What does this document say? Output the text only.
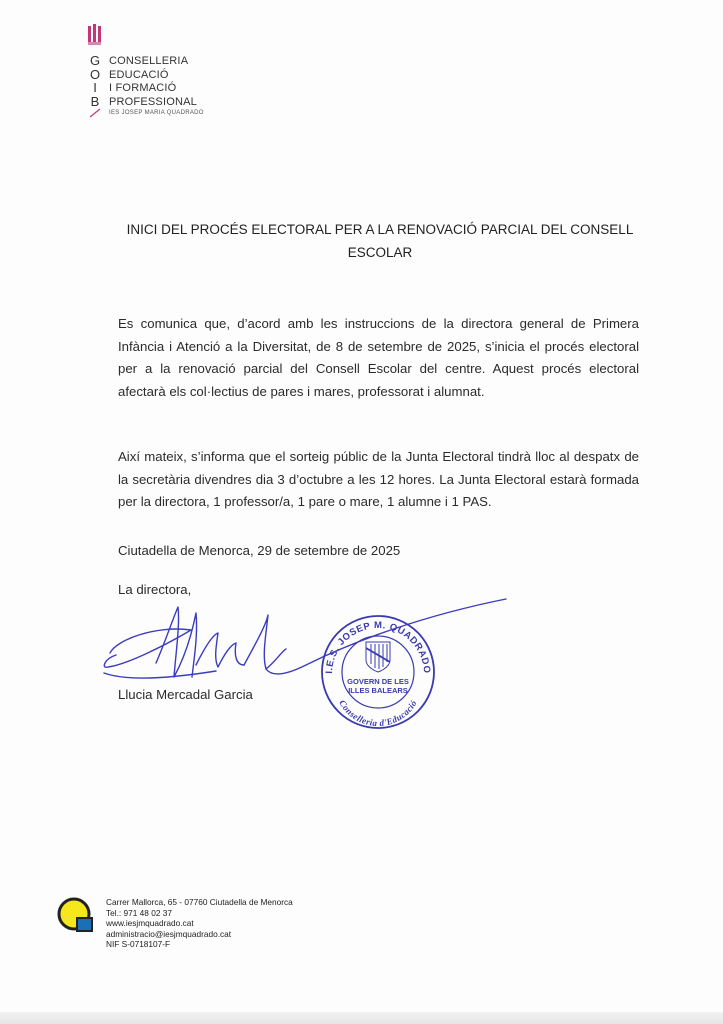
G
O
I
B
CONSELLERIA
EDUCACIÓ
I FORMACIÓ
PROFESSIONAL
IES JOSEP MARIA QUADRADO
INICI DEL PROCÉS ELECTORAL PER A LA RENOVACIÓ PARCIAL DEL CONSELL
ESCOLAR

Es comunica que, d’acord amb les instruccions de la directora general de Primera Infància i Atenció a la Diversitat, de 8 de setembre de 2025, s’inicia el procés electoral per a la renovació parcial del Consell Escolar del centre. Aquest procés electoral afectarà els col·lectius de pares i mares, professorat i alumnat.

Així mateix, s’informa que el sorteig públic de la Junta Electoral tindrà lloc al despatx de la secretària divendres dia 3 d’octubre a les 12 hores. La Junta Electoral estarà formada per la directora, 1 professor/a, 1 pare o mare, 1 alumne i 1 PAS.

Ciutadella de Menorca, 29 de setembre de 2025

La directora,

Llucia Mercadal Garcia
I.E.S. JOSEP M. QUADRADO
Conselleria d'Educació
GOVERN DE LES
ILLES BALEARS
Carrer Mallorca, 65 - 07760 Ciutadella de Menorca
Tel.: 971 48 02 37
www.iesjmquadrado.cat
administracio@iesjmquadrado.cat
NIF S-0718107-F
